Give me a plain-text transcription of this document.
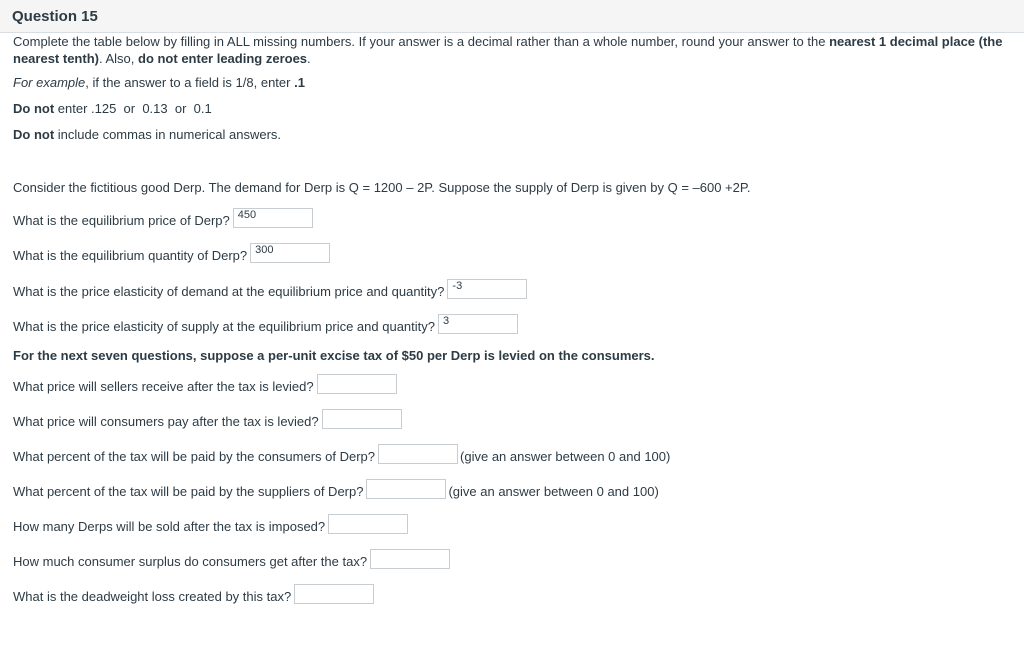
Question 15

Complete the table below by filling in ALL missing numbers. If your answer is a decimal rather than a whole number, round your answer to the nearest 1 decimal place (the nearest tenth). Also, do not enter leading zeroes.

For example, if the answer to a field is 1/8, enter .1

Do not enter .125  or  0.13  or  0.1

Do not include commas in numerical answers.

Consider the fictitious good Derp. The demand for Derp is Q = 1200 – 2P. Suppose the supply of Derp is given by Q = –600 +2P.

What is the equilibrium price of Derp? 450
What is the equilibrium quantity of Derp? 300
What is the price elasticity of demand at the equilibrium price and quantity? -3
What is the price elasticity of supply at the equilibrium price and quantity? 3

For the next seven questions, suppose a per-unit excise tax of $50 per Derp is levied on the consumers.

What price will sellers receive after the tax is levied?
What price will consumers pay after the tax is levied?
What percent of the tax will be paid by the consumers of Derp?	(give an answer between 0 and 100)
What percent of the tax will be paid by the suppliers of Derp?	(give an answer between 0 and 100)
How many Derps will be sold after the tax is imposed?
How much consumer surplus do consumers get after the tax?
What is the deadweight loss created by this tax?
